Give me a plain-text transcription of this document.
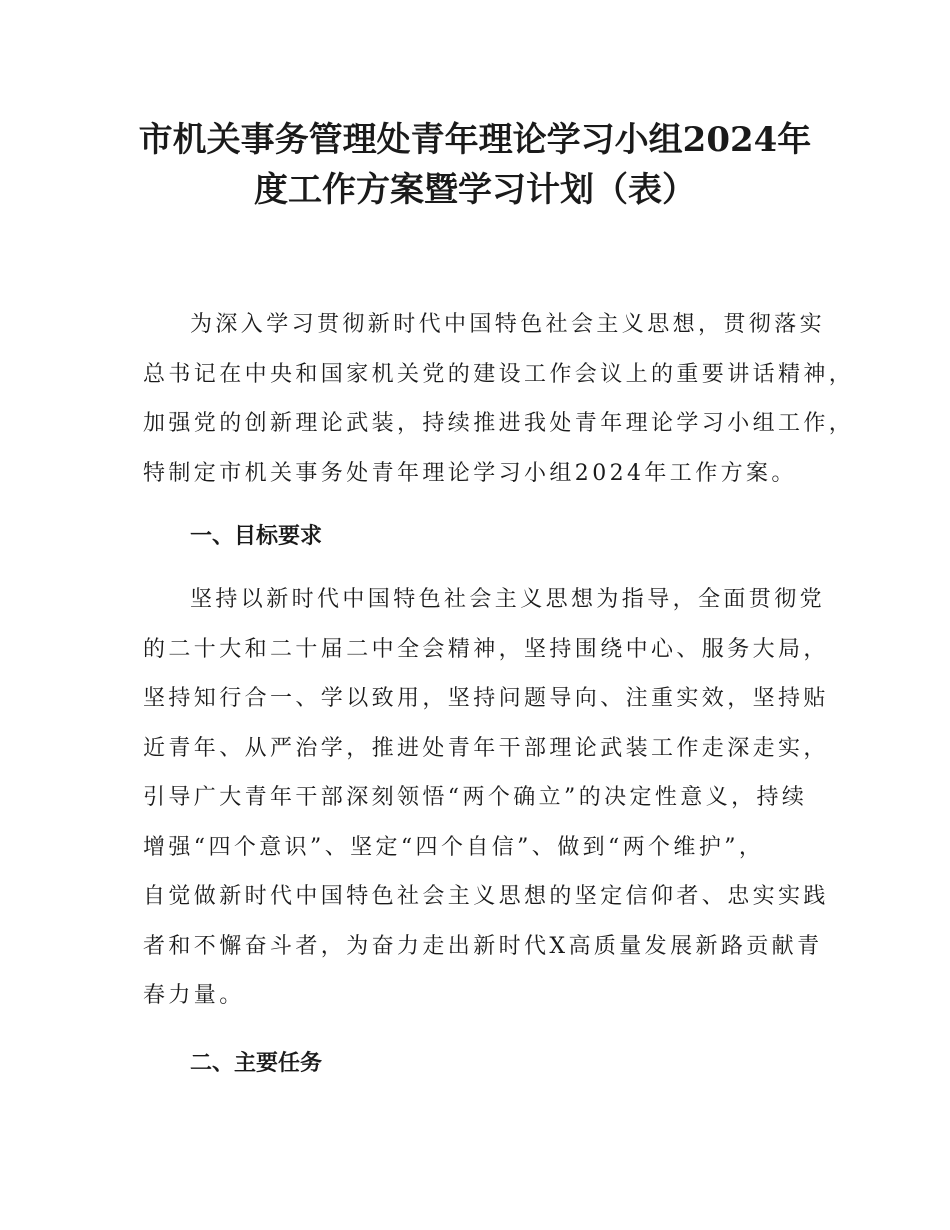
市机关事务管理处青年理论学习小组2024年
度工作方案暨学习计划（表）
为深入学习贯彻新时代中国特色社会主义思想，贯彻落实
总书记在中央和国家机关党的建设工作会议上的重要讲话精神，
加强党的创新理论武装，持续推进我处青年理论学习小组工作，
特制定市机关事务处青年理论学习小组2024年工作方案。
一、目标要求
坚持以新时代中国特色社会主义思想为指导，全面贯彻党
的二十大和二十届二中全会精神，坚持围绕中心、服务大局，
坚持知行合一、学以致用，坚持问题导向、注重实效，坚持贴
近青年、从严治学，推进处青年干部理论武装工作走深走实，
引导广大青年干部深刻领悟“两个确立”的决定性意义，持续
增强“四个意识”、坚定“四个自信”、做到“两个维护”，
自觉做新时代中国特色社会主义思想的坚定信仰者、忠实实践
者和不懈奋斗者，为奋力走出新时代X高质量发展新路贡献青
春力量。
二、主要任务
